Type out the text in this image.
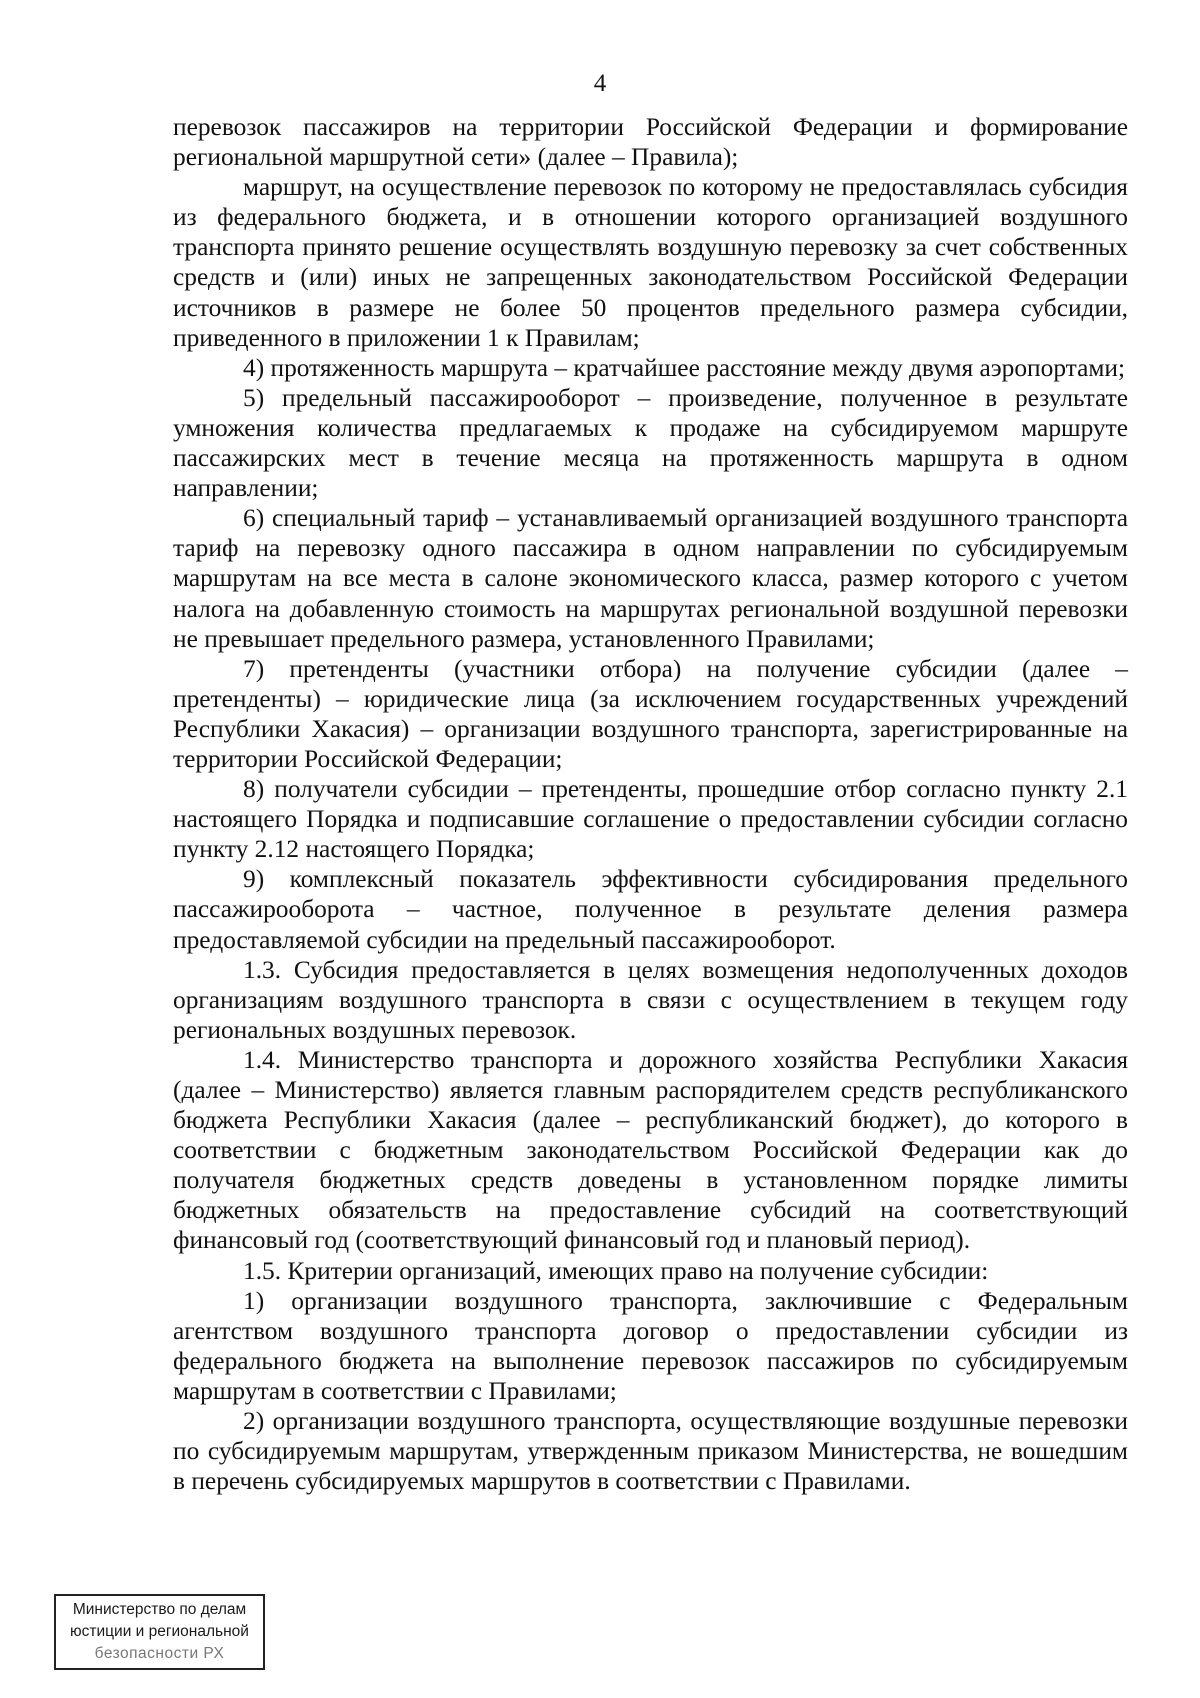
4

перевозок пассажиров на территории Российской Федерации и формирование региональной маршрутной сети» (далее – Правила);

маршрут, на осуществление перевозок по которому не предоставлялась субсидия из федерального бюджета, и в отношении которого организацией воздушного транспорта принято решение осуществлять воздушную перевозку за счет собственных средств и (или) иных не запрещенных законодательством Российской Федерации источников в размере не более 50 процентов предельного размера субсидии, приведенного в приложении 1 к Правилам;

4) протяженность маршрута – кратчайшее расстояние между двумя аэропортами;

5) предельный пассажирооборот – произведение, полученное в результате умножения количества предлагаемых к продаже на субсидируемом маршруте пассажирских мест в течение месяца на протяженность маршрута в одном направлении;

6) специальный тариф – устанавливаемый организацией воздушного транспорта тариф на перевозку одного пассажира в одном направлении по субсидируемым маршрутам на все места в салоне экономического класса, размер которого с учетом налога на добавленную стоимость на маршрутах региональной воздушной перевозки не превышает предельного размера, установленного Правилами;

7) претенденты (участники отбора) на получение субсидии (далее – претенденты) – юридические лица (за исключением государственных учреждений Республики Хакасия) – организации воздушного транспорта, зарегистрированные на территории Российской Федерации;

8) получатели субсидии – претенденты, прошедшие отбор согласно пункту 2.1 настоящего Порядка и подписавшие соглашение о предоставлении субсидии согласно пункту 2.12 настоящего Порядка;

9) комплексный показатель эффективности субсидирования предельного пассажирооборота – частное, полученное в результате деления размера предоставляемой субсидии на предельный пассажирооборот.

1.3. Субсидия предоставляется в целях возмещения недополученных доходов организациям воздушного транспорта в связи с осуществлением в текущем году региональных воздушных перевозок.

1.4. Министерство транспорта и дорожного хозяйства Республики Хакасия (далее – Министерство) является главным распорядителем средств республиканского бюджета Республики Хакасия (далее – республиканский бюджет), до которого в соответствии с бюджетным законодательством Российской Федерации как до получателя бюджетных средств доведены в установленном порядке лимиты бюджетных обязательств на предоставление субсидий на соответствующий финансовый год (соответствующий финансовый год и плановый период).

1.5. Критерии организаций, имеющих право на получение субсидии:

1) организации воздушного транспорта, заключившие с Федеральным агентством воздушного транспорта договор о предоставлении субсидии из федерального бюджета на выполнение перевозок пассажиров по субсидируемым маршрутам в соответствии с Правилами;

2) организации воздушного транспорта, осуществляющие воздушные перевозки по субсидируемым маршрутам, утвержденным приказом Министерства, не вошедшим в перечень субсидируемых маршрутов в соответствии с Правилами.

Министерство по делам
юстиции и региональной
безопасности РХ
